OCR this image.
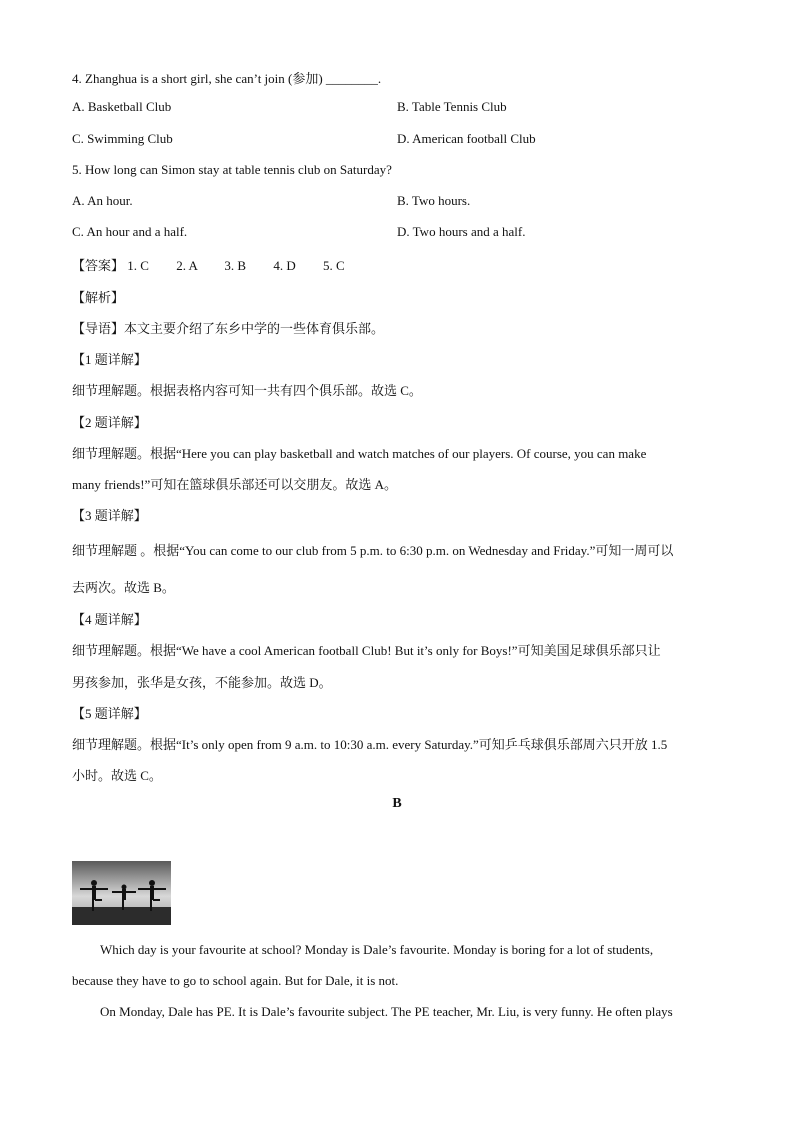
4. Zhanghua is a short girl, she can’t join (参加) ________.
A. Basketball Club	B. Table Tennis Club
C. Swimming Club	D. American football Club
5. How long can Simon stay at table tennis club on Saturday?
A. An hour.	B. Two hours.
C. An hour and a half.	D. Two hours and a half.
【答案】 1. C 2. A 3. B 4. D 5. C
【解析】
【导语】本文主要介绍了东乡中学的一些体育俱乐部。
【1 题详解】
细节理解题。根据表格内容可知一共有四个俱乐部。故选 C。
【2 题详解】
细节理解题。根据“Here you can play basketball and watch matches of our players. Of course, you can make
many friends!”可知在篮球俱乐部还可以交朋友。故选 A。
【3 题详解】
细节理解题 。根据“You can come to our club from 5 p.m. to 6:30 p.m. on Wednesday and Friday.”可知一周可以
去两次。故选 B。
【4 题详解】
细节理解题。根据“We have a cool American football Club! But it’s only for Boys!”可知美国足球俱乐部只让
男孩参加，张华是女孩，不能参加。故选 D。
【5 题详解】
细节理解题。根据“It’s only open from 9 a.m. to 10:30 a.m. every Saturday.”可知乒乓球俱乐部周六只开放 1.5
小时。故选 C。
B
Which day is your favourite at school? Monday is Dale’s favourite. Monday is boring for a lot of students,
because they have to go to school again. But for Dale, it is not.
On Monday, Dale has PE. It is Dale’s favourite subject. The PE teacher, Mr. Liu, is very funny. He often plays
